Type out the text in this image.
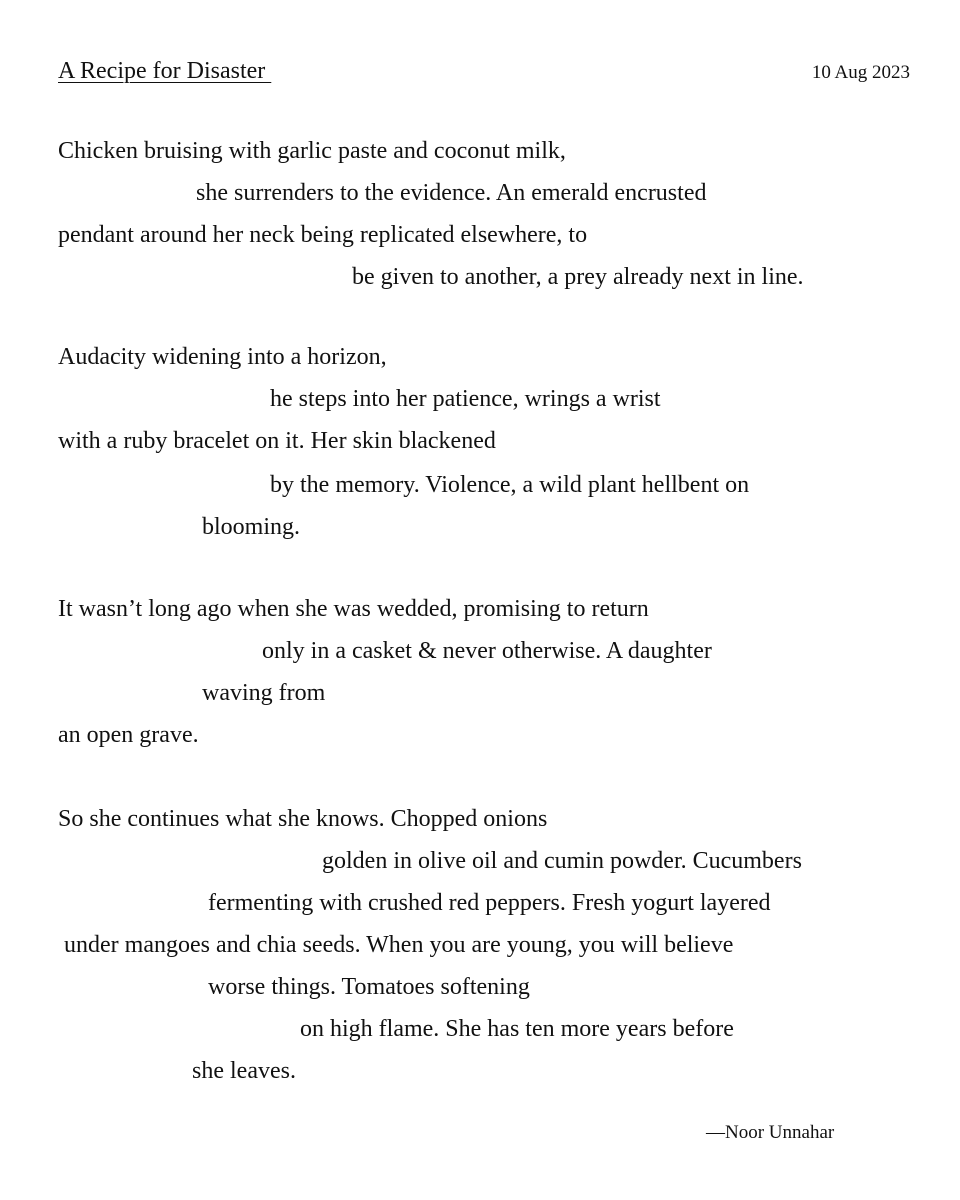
A Recipe for Disaster	10 Aug 2023
Chicken bruising with garlic paste and coconut milk,
she surrenders to the evidence. An emerald encrusted
pendant around her neck being replicated elsewhere, to
be given to another, a prey already next in line.
Audacity widening into a horizon,
he steps into her patience, wrings a wrist
with a ruby bracelet on it. Her skin blackened
by the memory. Violence, a wild plant hellbent on
blooming.
It wasn’t long ago when she was wedded, promising to return
only in a casket & never otherwise. A daughter
waving from
an open grave.
So she continues what she knows. Chopped onions
golden in olive oil and cumin powder. Cucumbers
fermenting with crushed red peppers. Fresh yogurt layered
under mangoes and chia seeds. When you are young, you will believe
worse things. Tomatoes softening
on high flame. She has ten more years before
she leaves.
—Noor Unnahar
